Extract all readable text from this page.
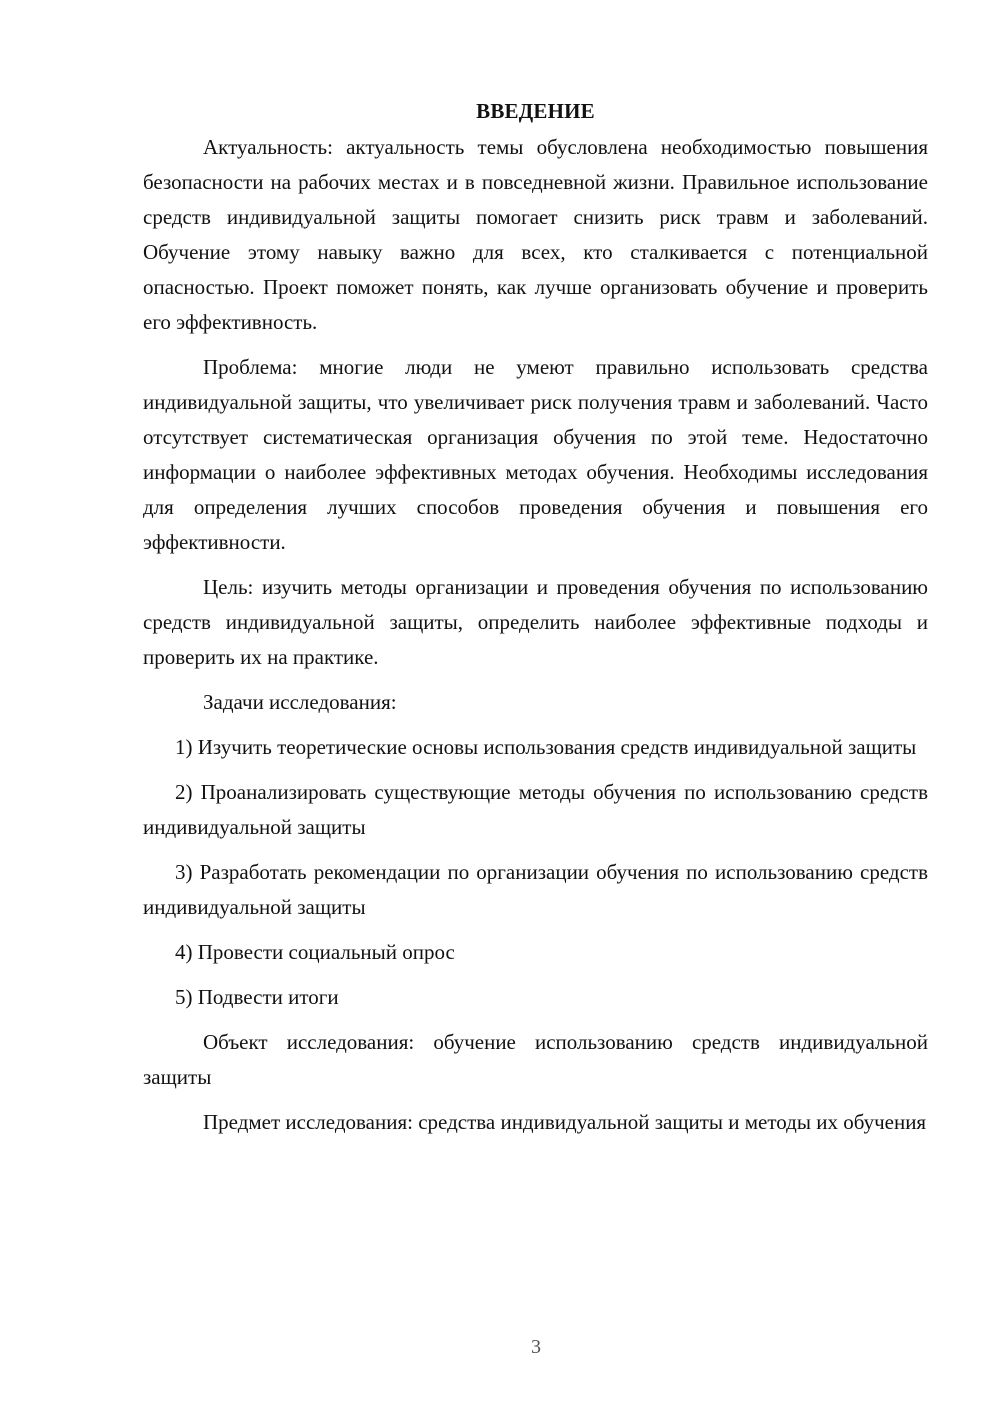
ВВЕДЕНИЕ

Актуальность: актуальность темы обусловлена необходимостью повышения безопасности на рабочих местах и в повседневной жизни. Правильное использование средств индивидуальной защиты помогает снизить риск травм и заболеваний. Обучение этому навыку важно для всех, кто сталкивается с потенциальной опасностью. Проект поможет понять, как лучше организовать обучение и проверить его эффективность.

Проблема: многие люди не умеют правильно использовать средства индивидуальной защиты, что увеличивает риск получения травм и заболеваний. Часто отсутствует систематическая организация обучения по этой теме. Недостаточно информации о наиболее эффективных методах обучения. Необходимы исследования для определения лучших способов проведения обучения и повышения его эффективности.

Цель: изучить методы организации и проведения обучения по использованию средств индивидуальной защиты, определить наиболее эффективные подходы и проверить их на практике.

Задачи исследования:

1) Изучить теоретические основы использования средств индивидуальной защиты

2) Проанализировать существующие методы обучения по использованию средств индивидуальной защиты

3) Разработать рекомендации по организации обучения по использованию средств индивидуальной защиты

4) Провести социальный опрос

5) Подвести итоги

Объект исследования: обучение использованию средств индивидуальной защиты

Предмет исследования: средства индивидуальной защиты и методы их обучения

3
